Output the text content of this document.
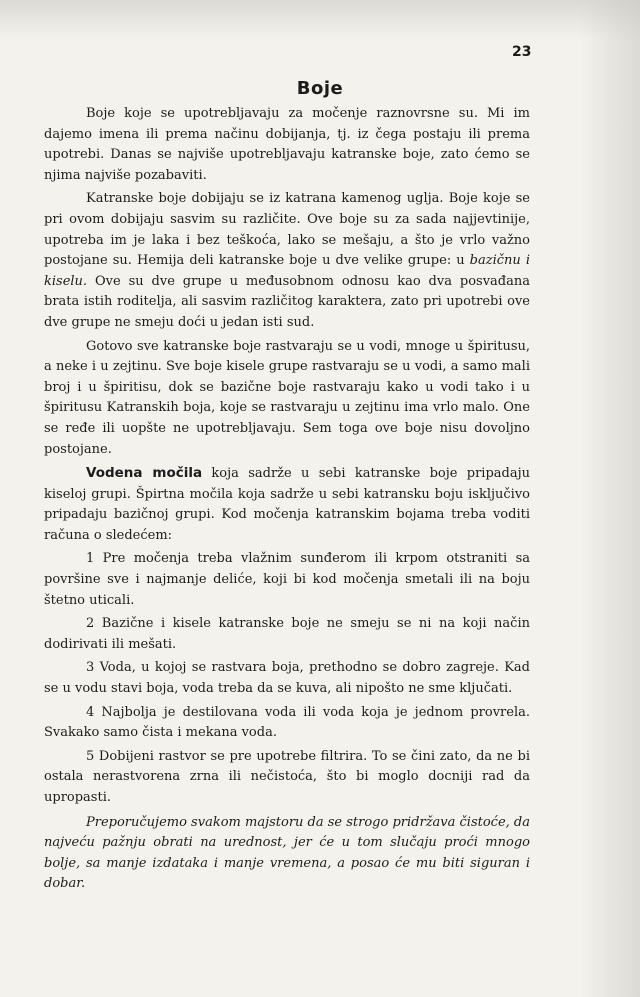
23
Boje

Boje koje se upotrebljavaju za močenje raznovrsne su. Mi im dajemo imena ili prema načinu dobijanja, tj. iz čega postaju ili prema upotrebi. Danas se najviše upotrebljavaju katranske boje, zato ćemo se njima najviše pozabaviti.

Katranske boje dobijaju se iz katrana kamenog uglja. Boje koje se pri ovom dobijaju sasvim su različite. Ove boje su za sada najjevtinije, upotreba im je laka i bez teškoća, lako se mešaju, a što je vrlo važno postojane su. Hemija deli katranske boje u dve velike grupe: u bazičnu i kiselu. Ove su dve grupe u međusobnom odnosu kao dva posvađana brata istih roditelja, ali sasvim različitog karaktera, zato pri upotrebi ove dve grupe ne smeju doći u jedan isti sud.

Gotovo sve katranske boje rastvaraju se u vodi, mnoge u špiritusu, a neke i u zejtinu. Sve boje kisele grupe rastvaraju se u vodi, a samo mali broj i u špiritisu, dok se bazične boje rastvaraju kako u vodi tako i u špiritusu Katranskih boja, koje se rastvaraju u zejtinu ima vrlo malo. One se ređe ili uopšte ne upotrebljavaju. Sem toga ove boje nisu dovoljno postojane.

Vodena močila koja sadrže u sebi katranske boje pripadaju kiseloj grupi. Špirtna močila koja sadrže u sebi katransku boju isključivo pripadaju bazičnoj grupi. Kod močenja katranskim bojama treba voditi računa o sledećem:

1 Pre močenja treba vlažnim sunđerom ili krpom otstraniti sa površine sve i najmanje deliće, koji bi kod močenja smetali ili na boju štetno uticali.

2 Bazične i kisele katranske boje ne smeju se ni na koji način dodirivati ili mešati.

3 Voda, u kojoj se rastvara boja, prethodno se dobro zagreje. Kad se u vodu stavi boja, voda treba da se kuva, ali nipošto ne sme ključati.

4 Najbolja je destilovana voda ili voda koja je jednom provrela. Svakako samo čista i mekana voda.

5 Dobijeni rastvor se pre upotrebe filtrira. To se čini zato, da ne bi ostala nerastvorena zrna ili nečistoća, što bi moglo docniji rad da upropasti.

Preporučujemo svakom majstoru da se strogo pridržava čistoće, da najveću pažnju obrati na urednost, jer će u tom slučaju proći mnogo bolje, sa manje izdataka i manje vremena, a posao će mu biti siguran i dobar.
